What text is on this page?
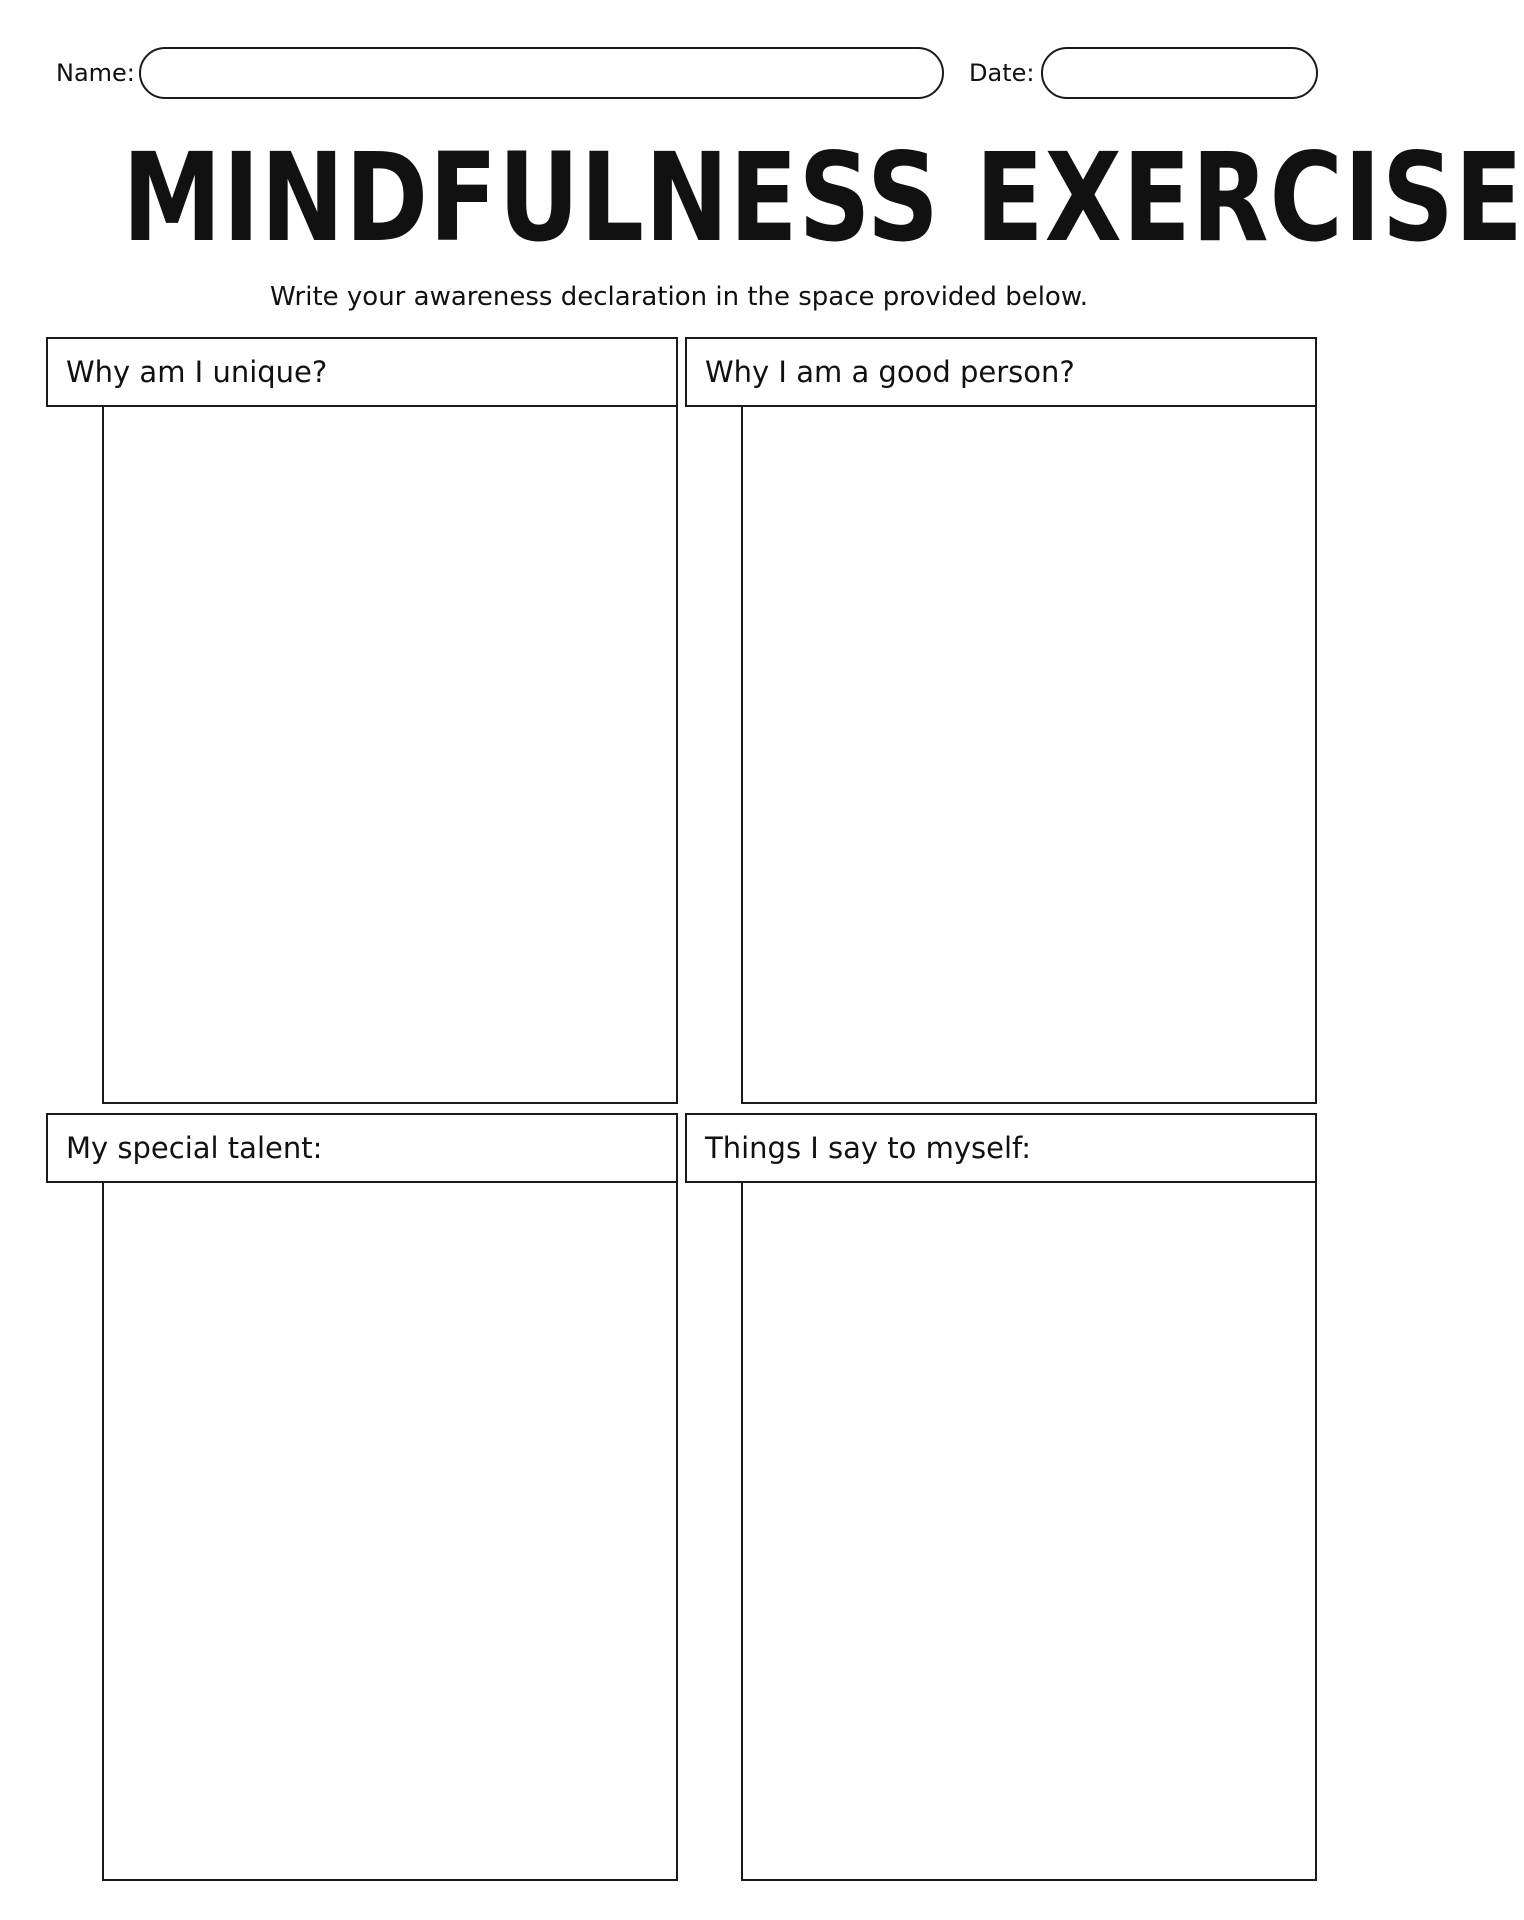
Name:	Date:
MINDFULNESS EXERCISE
Write your awareness declaration in the space provided below.
Why am I unique?	Why I am a good person?
My special talent:	Things I say to myself:
